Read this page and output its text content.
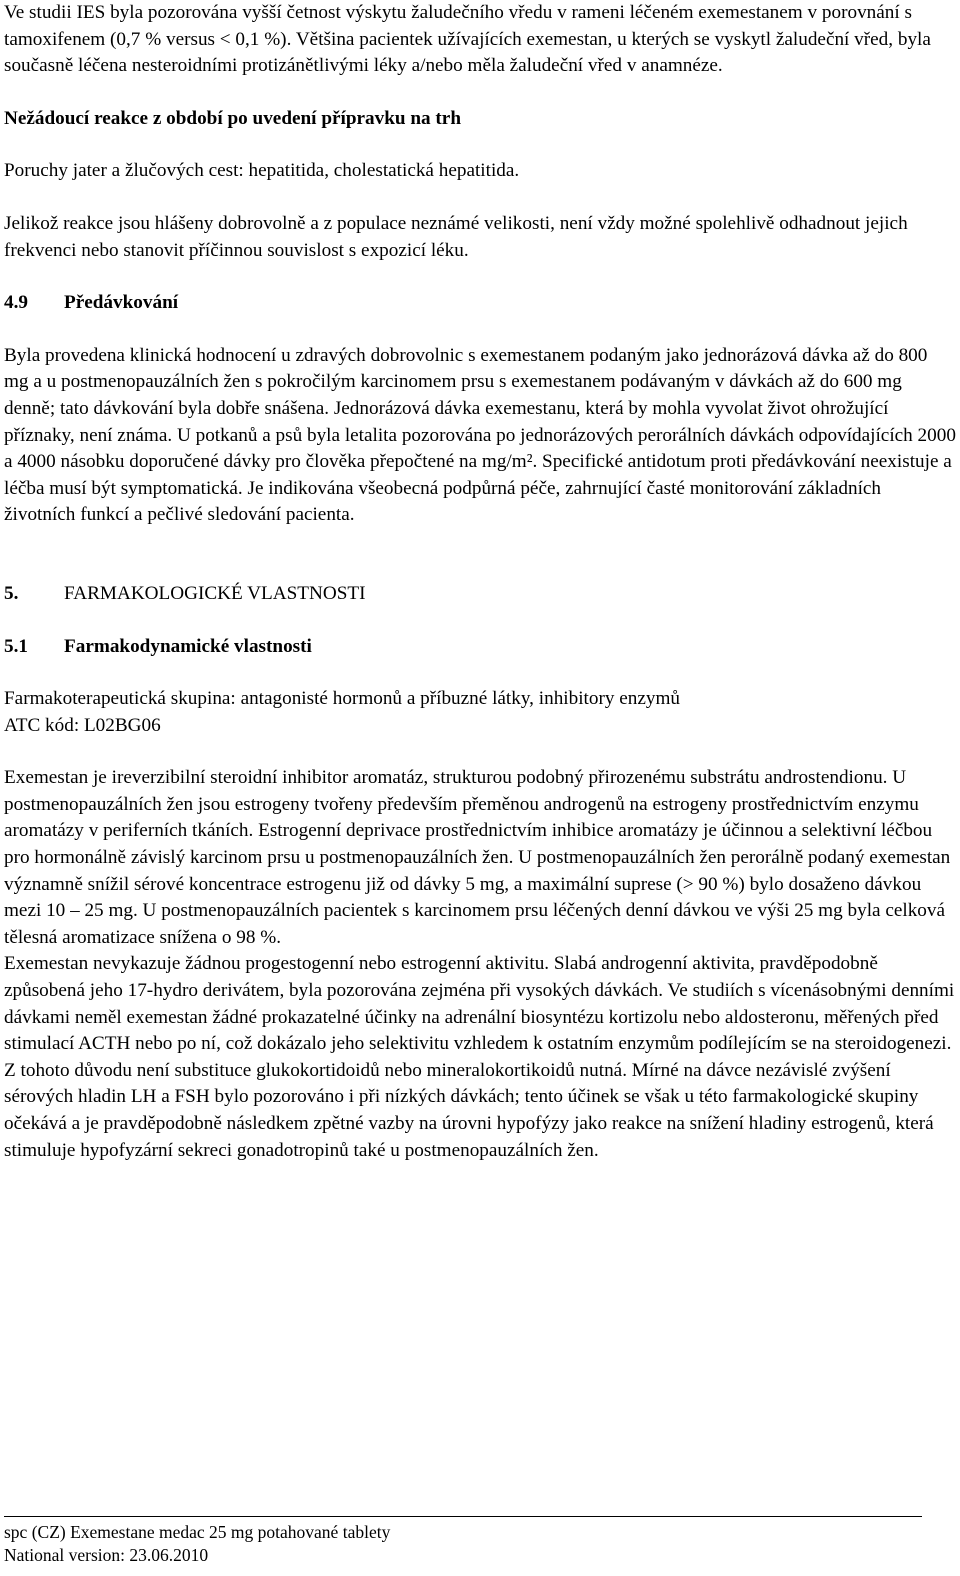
Ve studii IES byla pozorována vyšší četnost výskytu žaludečního vředu v rameni léčeném exemestanem v porovnání s tamoxifenem (0,7 % versus < 0,1 %). Většina pacientek užívajících exemestan, u kterých se vyskytl žaludeční vřed, byla současně léčena nesteroidními protizánětlivými léky a/nebo měla žaludeční vřed v anamnéze.

Nežádoucí reakce z období po uvedení přípravku na trh

Poruchy jater a žlučových cest: hepatitida, cholestatická hepatitida.

Jelikož reakce jsou hlášeny dobrovolně a z populace neznámé velikosti, není vždy možné spolehlivě odhadnout jejich frekvenci nebo stanovit příčinnou souvislost s expozicí léku.

4.9	Předávkování

Byla provedena klinická hodnocení u zdravých dobrovolnic s exemestanem podaným jako jednorázová dávka až do 800 mg a u postmenopauzálních žen s pokročilým karcinomem prsu s exemestanem podávaným v dávkách až do 600 mg denně; tato dávkování byla dobře snášena. Jednorázová dávka exemestanu, která by mohla vyvolat život ohrožující příznaky, není známa. U potkanů a psů byla letalita pozorována po jednorázových perorálních dávkách odpovídajících 2000 a 4000 násobku doporučené dávky pro člověka přepočtené na mg/m². Specifické antidotum proti předávkování neexistuje a léčba musí být symptomatická. Je indikována všeobecná podpůrná péče, zahrnující časté monitorování základních životních funkcí a pečlivé sledování pacienta.

5.	FARMAKOLOGICKÉ VLASTNOSTI
5.1	Farmakodynamické vlastnosti

Farmakoterapeutická skupina: antagonisté hormonů a příbuzné látky, inhibitory enzymů

ATC kód: L02BG06

Exemestan je ireverzibilní steroidní inhibitor aromatáz, strukturou podobný přirozenému substrátu androstendionu. U postmenopauzálních žen jsou estrogeny tvořeny především přeměnou androgenů na estrogeny prostřednictvím enzymu aromatázy v periferních tkáních. Estrogenní deprivace prostřednictvím inhibice aromatázy je účinnou a selektivní léčbou pro hormonálně závislý karcinom prsu u postmenopauzálních žen. U postmenopauzálních žen perorálně podaný exemestan významně snížil sérové koncentrace estrogenu již od dávky 5 mg, a maximální suprese (> 90 %) bylo dosaženo dávkou mezi 10 – 25 mg. U postmenopauzálních pacientek s karcinomem prsu léčených denní dávkou ve výši 25 mg byla celková tělesná aromatizace snížena o 98 %.

Exemestan nevykazuje žádnou progestogenní nebo estrogenní aktivitu. Slabá androgenní aktivita, pravděpodobně způsobená jeho 17-hydro derivátem, byla pozorována zejména při vysokých dávkách. Ve studiích s vícenásobnými denními dávkami neměl exemestan žádné prokazatelné účinky na adrenální biosyntézu kortizolu nebo aldosteronu, měřených před stimulací ACTH nebo po ní, což dokázalo jeho selektivitu vzhledem k ostatním enzymům podílejícím se na steroidogenezi.

Z tohoto důvodu není substituce glukokortidoidů nebo mineralokortikoidů nutná. Mírné na dávce nezávislé zvýšení sérových hladin LH a FSH bylo pozorováno i při nízkých dávkách; tento účinek se však u této farmakologické skupiny očekává a je pravděpodobně následkem zpětné vazby na úrovni hypofýzy jako reakce na snížení hladiny estrogenů, která stimuluje hypofyzární sekreci gonadotropinů také u postmenopauzálních žen.

spc (CZ) Exemestane medac 25 mg potahované tablety

National version: 23.06.2010
